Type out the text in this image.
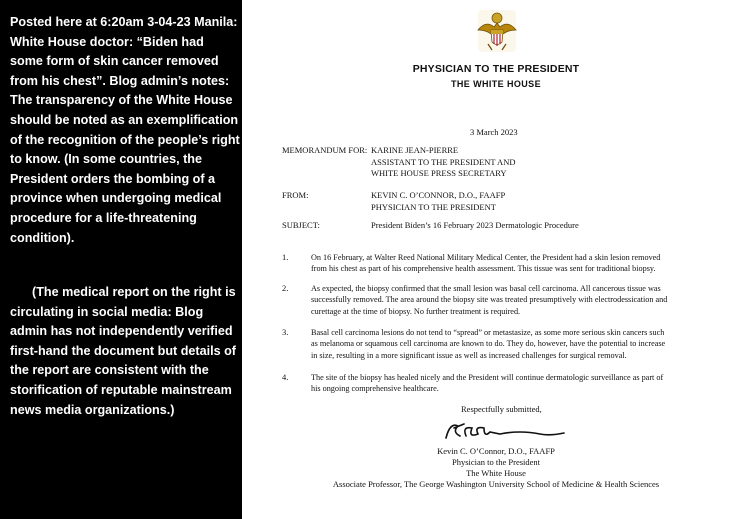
Posted here at 6:20am 3-04-23 Manila: White House doctor: “Biden had some form of skin cancer removed from his chest”. Blog admin’s notes: The transparency of the White House should be noted as an exemplification of the recognition of the people’s right to know. (In some countries, the President orders the bombing of a province when undergoing medical procedure for a life-threatening condition).

(The medical report on the right is circulating in social media: Blog admin has not independently verified first-hand the document but details of the report are consistent with the storification of reputable mainstream news media organizations.)

PHYSICIAN TO THE PRESIDENT
THE WHITE HOUSE
3 March 2023
MEMORANDUM FOR: KARINE JEAN-PIERRE
ASSISTANT TO THE PRESIDENT AND
WHITE HOUSE PRESS SECRETARY
FROM:	KEVIN C. O’CONNOR, D.O., FAAFP
PHYSICIAN TO THE PRESIDENT
SUBJECT:	President Biden’s 16 February 2023 Dermatologic Procedure
1.	On 16 February, at Walter Reed National Military Medical Center, the President had a skin lesion removed
from his chest as part of his comprehensive health assessment. This tissue was sent for traditional biopsy.
2.	As expected, the biopsy confirmed that the small lesion was basal cell carcinoma. All cancerous tissue was
successfully removed. The area around the biopsy site was treated presumptively with electrodessication and
curettage at the time of biopsy. No further treatment is required.
3.	Basal cell carcinoma lesions do not tend to “spread” or metastasize, as some more serious skin cancers such
as melanoma or squamous cell carcinoma are known to do. They do, however, have the potential to increase
in size, resulting in a more significant issue as well as increased challenges for surgical removal.
4.	The site of the biopsy has healed nicely and the President will continue dermatologic surveillance as part of
his ongoing comprehensive healthcare.
Respectfully submitted,
Kevin C. O’Connor, D.O., FAAFP
Physician to the President
The White House
Associate Professor, The George Washington University School of Medicine & Health Sciences
